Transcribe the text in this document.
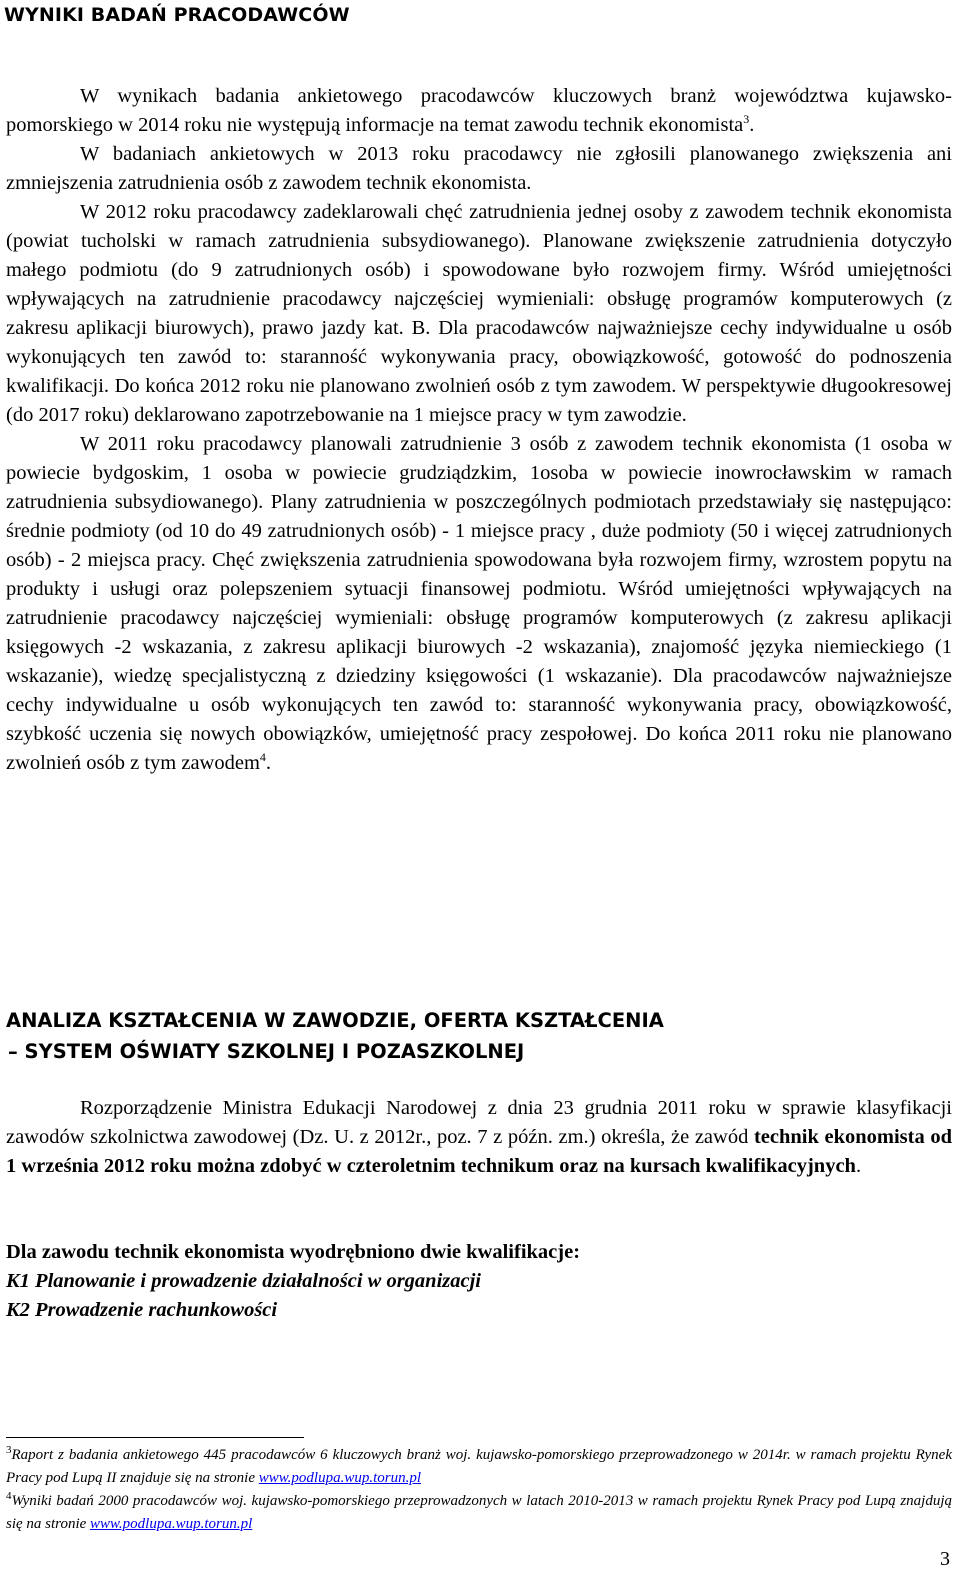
WYNIKI BADAŃ PRACODAWCÓW

W wynikach badania ankietowego pracodawców kluczowych branż województwa kujawsko-pomorskiego w 2014 roku nie występują informacje na temat zawodu technik ekonomista$^3$.

W badaniach ankietowych w 2013 roku pracodawcy nie zgłosili planowanego zwiększenia ani zmniejszenia zatrudnienia osób z zawodem technik ekonomista.

W 2012 roku pracodawcy zadeklarowali chęć zatrudnienia jednej osoby z zawodem technik ekonomista (powiat tucholski w ramach zatrudnienia subsydiowanego). Planowane zwiększenie zatrudnienia dotyczyło małego podmiotu (do 9 zatrudnionych osób) i spowodowane było rozwojem firmy. Wśród umiejętności wpływających na zatrudnienie pracodawcy najczęściej wymieniali: obsługę programów komputerowych (z zakresu aplikacji biurowych), prawo jazdy kat. B. Dla pracodawców najważniejsze cechy indywidualne u osób wykonujących ten zawód to: staranność wykonywania pracy, obowiązkowość, gotowość do podnoszenia kwalifikacji. Do końca 2012 roku nie planowano zwolnień osób z tym zawodem. W perspektywie długookresowej (do 2017 roku) deklarowano zapotrzebowanie na 1 miejsce pracy w tym zawodzie.

W 2011 roku pracodawcy planowali zatrudnienie 3 osób z zawodem technik ekonomista (1 osoba w powiecie bydgoskim, 1 osoba w powiecie grudziądzkim, 1osoba w powiecie inowrocławskim w ramach zatrudnienia subsydiowanego). Plany zatrudnienia w poszczególnych podmiotach przedstawiały się następująco: średnie podmioty (od 10 do 49 zatrudnionych osób) - 1 miejsce pracy , duże podmioty (50 i więcej zatrudnionych osób) - 2 miejsca pracy. Chęć zwiększenia zatrudnienia spowodowana była rozwojem firmy, wzrostem popytu na produkty i usługi oraz polepszeniem sytuacji finansowej podmiotu. Wśród umiejętności wpływających na zatrudnienie pracodawcy najczęściej wymieniali: obsługę programów komputerowych (z zakresu aplikacji księgowych -2 wskazania, z zakresu aplikacji biurowych -2 wskazania), znajomość języka niemieckiego (1 wskazanie), wiedzę specjalistyczną z dziedziny księgowości (1 wskazanie). Dla pracodawców najważniejsze cechy indywidualne u osób wykonujących ten zawód to: staranność wykonywania pracy, obowiązkowość, szybkość uczenia się nowych obowiązków, umiejętność pracy zespołowej. Do końca 2011 roku nie planowano zwolnień osób z tym zawodem$^4$.

ANALIZA KSZTAŁCENIA W ZAWODZIE, OFERTA KSZTAŁCENIA
– SYSTEM OŚWIATY SZKOLNEJ I POZASZKOLNEJ

Rozporządzenie Ministra Edukacji Narodowej z dnia 23 grudnia 2011 roku w sprawie klasyfikacji zawodów szkolnictwa zawodowej (Dz. U. z 2012r., poz. 7 z późn. zm.) określa, że zawód technik ekonomista od 1 września 2012 roku można zdobyć w czteroletnim technikum oraz na kursach kwalifikacyjnych.

Dla zawodu technik ekonomista wyodrębniono dwie kwalifikacje:
K1 Planowanie i prowadzenie działalności w organizacji
K2 Prowadzenie rachunkowości
$^3$Raport z badania ankietowego 445 pracodawców 6 kluczowych branż woj. kujawsko-pomorskiego przeprowadzonego w 2014r. w ramach projektu Rynek Pracy pod Lupą II znajduje się na stronie www.podlupa.wup.torun.pl
$^4$Wyniki badań 2000 pracodawców woj. kujawsko-pomorskiego przeprowadzonych w latach 2010-2013 w ramach projektu Rynek Pracy pod Lupą znajdują się na stronie www.podlupa.wup.torun.pl
3
